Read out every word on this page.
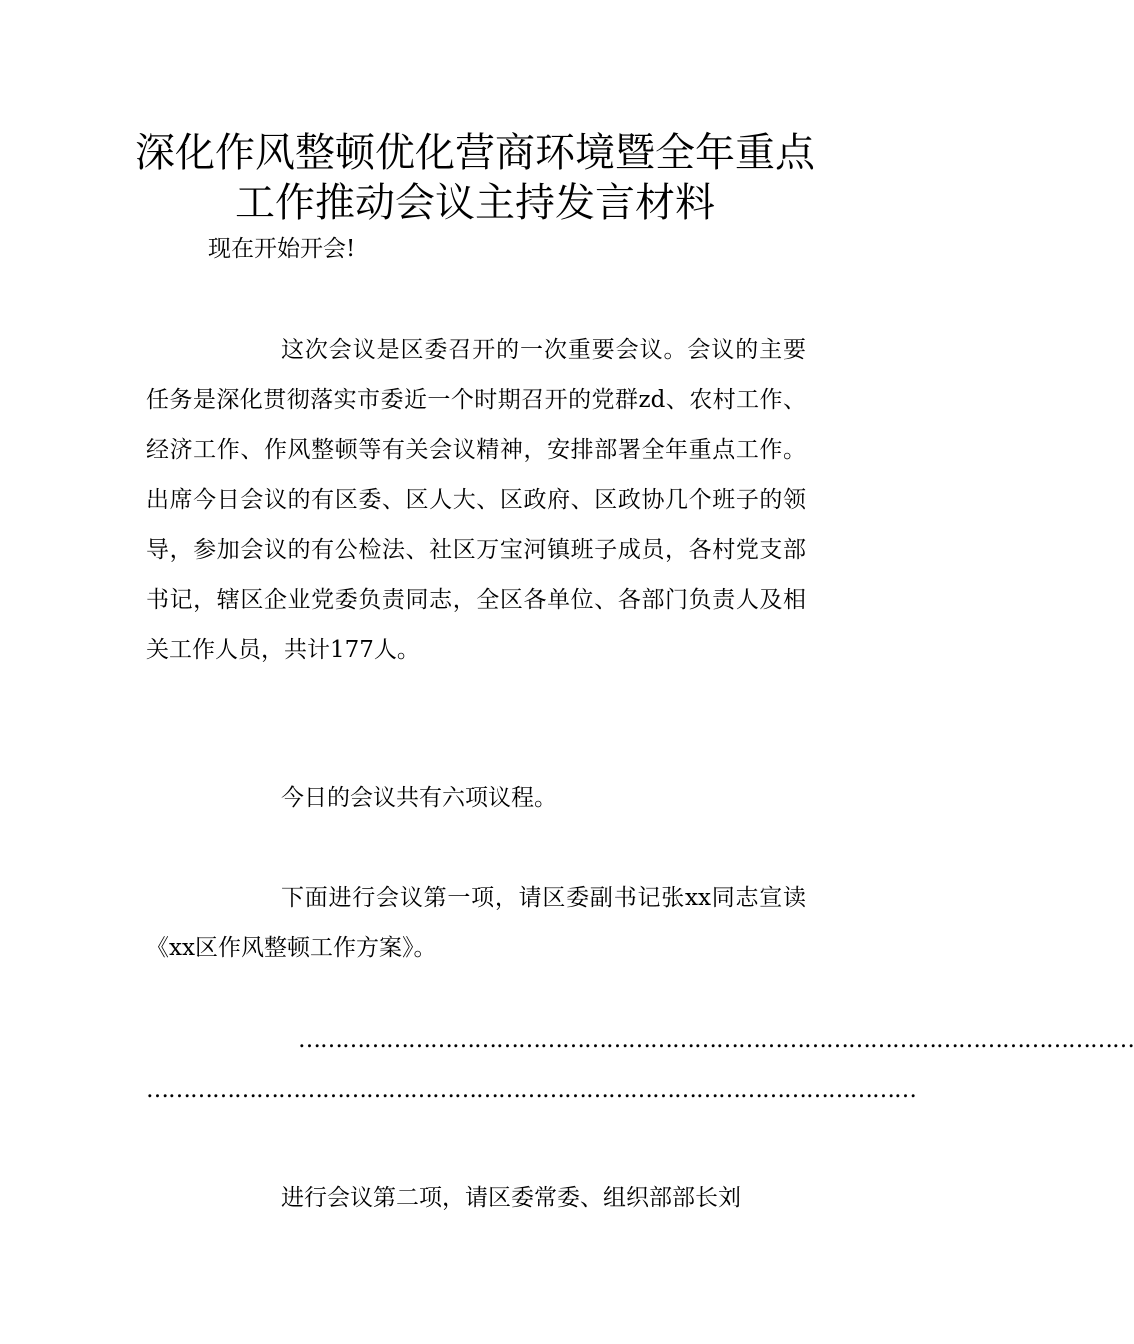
深化作风整顿优化营商环境暨全年重点
工作推动会议主持发言材料
现在开始开会!

这次会议是区委召开的一次重要会议。会议的主要任务是深化贯彻落实市委近一个时期召开的党群zd、农村工作、经济工作、作风整顿等有关会议精神，安排部署全年重点工作。出席今日会议的有区委、区人大、区政府、区政协几个班子的领导，参加会议的有公检法、社区万宝河镇班子成员，各村党支部书记，辖区企业党委负责同志，全区各单位、各部门负责人及相关工作人员，共计177人。

今日的会议共有六项议程。

下面进行会议第一项，请区委副书记张xx同志宣读《xx区作风整顿工作方案》。

……………………………………………………………………………………………………
……………………………………………………………………………………………

进行会议第二项，请区委常委、组织部部长刘
